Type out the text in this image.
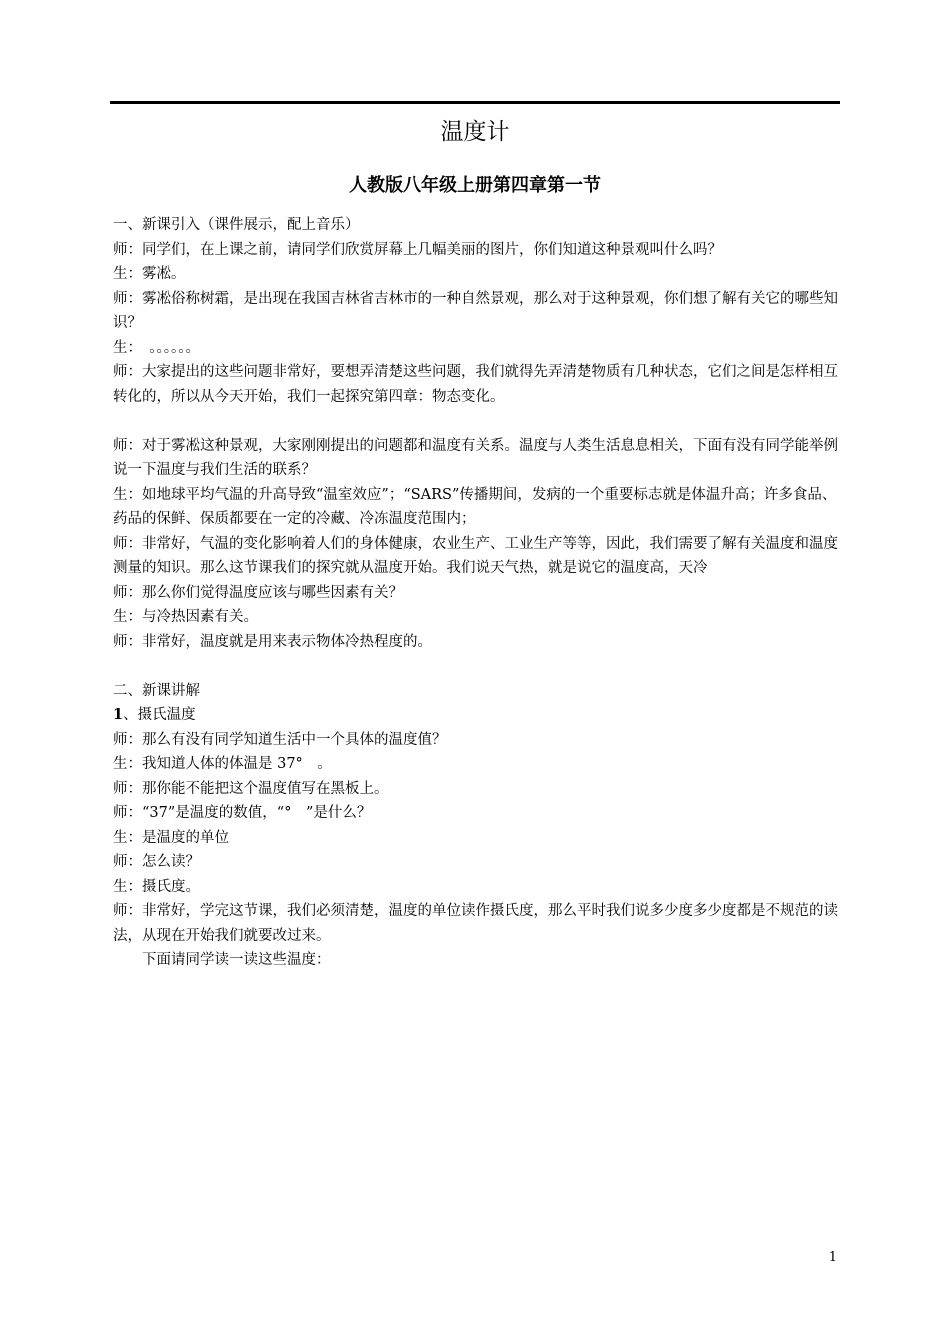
温度计
人教版八年级上册第四章第一节

一、新课引入（课件展示，配上音乐）

师：同学们，在上课之前，请同学们欣赏屏幕上几幅美丽的图片，你们知道这种景观叫什么吗？

生：雾凇。

师：雾凇俗称树霜，是出现在我国吉林省吉林市的一种自然景观，那么对于这种景观，你们想了解有关它的哪些知识？

生：　。。。。。。

师：大家提出的这些问题非常好，要想弄清楚这些问题，我们就得先弄清楚物质有几种状态，它们之间是怎样相互转化的，所以从今天开始，我们一起探究第四章：物态变化。

师：对于雾凇这种景观，大家刚刚提出的问题都和温度有关系。温度与人类生活息息相关，下面有没有同学能举例说一下温度与我们生活的联系？

生：如地球平均气温的升高导致“温室效应”；“SARS”传播期间，发病的一个重要标志就是体温升高；许多食品、药品的保鲜、保质都要在一定的冷藏、冷冻温度范围内；

师：非常好，气温的变化影响着人们的身体健康，农业生产、工业生产等等，因此，我们需要了解有关温度和温度测量的知识。那么这节课我们的探究就从温度开始。我们说天气热，就是说它的温度高，天冷

师：那么你们觉得温度应该与哪些因素有关？

生：与冷热因素有关。

师：非常好，温度就是用来表示物体冷热程度的。

二、新课讲解

1、摄氏温度

师：那么有没有同学知道生活中一个具体的温度值？

生：我知道人体的体温是 37°　。

师：那你能不能把这个温度值写在黑板上。

师：“37”是温度的数值，“°　”是什么？

生：是温度的单位

师：怎么读？

生：摄氏度。

师：非常好，学完这节课，我们必须清楚，温度的单位读作摄氏度，那么平时我们说多少度多少度都是不规范的读法，从现在开始我们就要改过来。

下面请同学读一读这些温度：

1
